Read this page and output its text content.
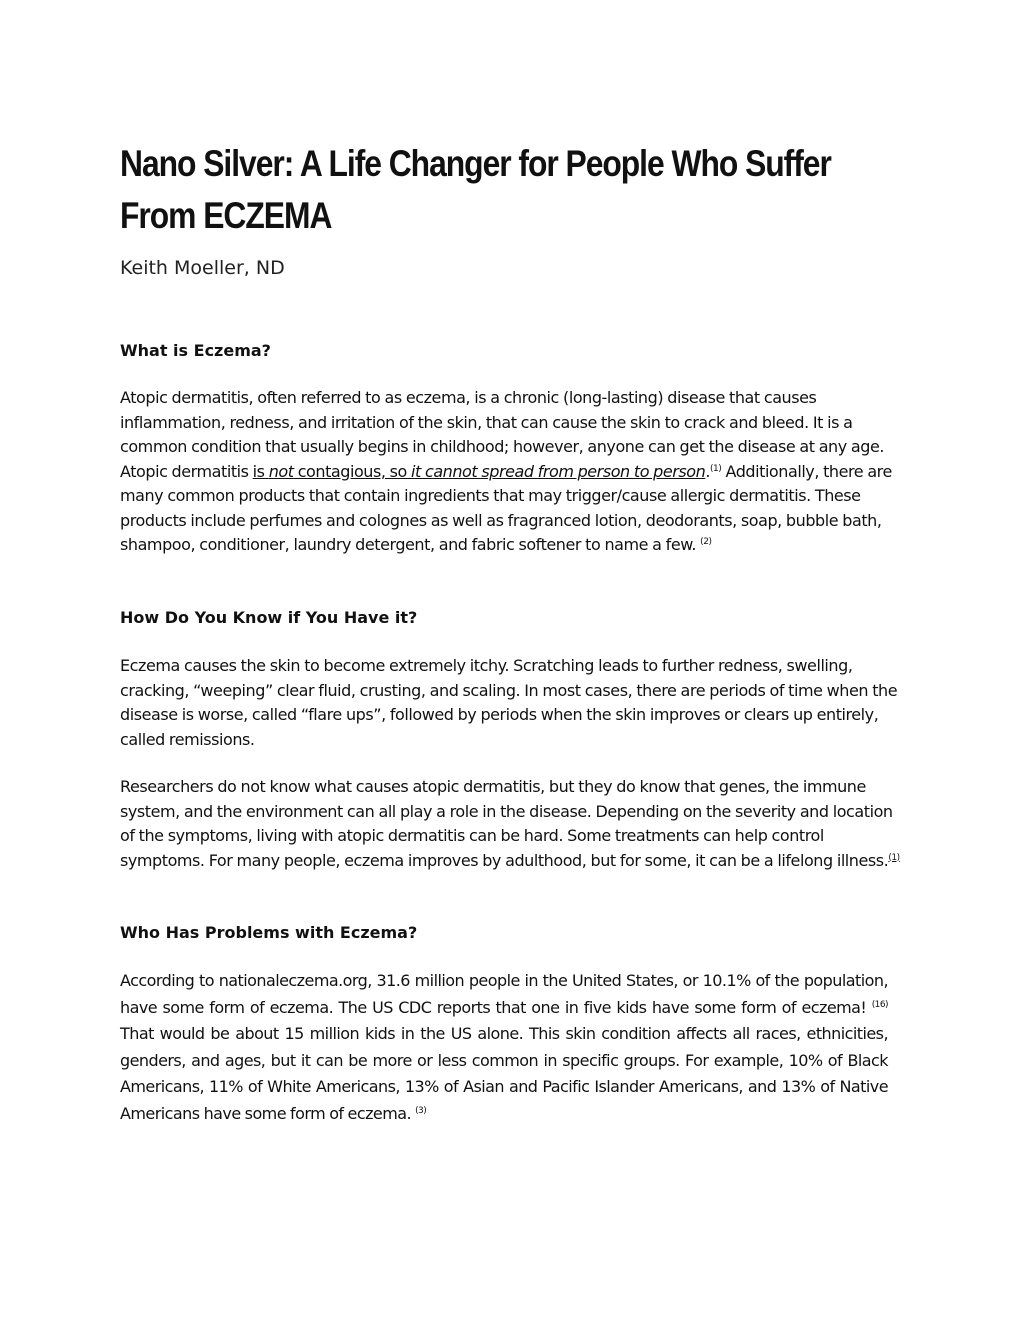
Nano Silver: A Life Changer for People Who Suffer From ECZEMA

Keith Moeller, ND

What is Eczema?

Atopic dermatitis, often referred to as eczema, is a chronic (long-lasting) disease that causes inflammation, redness, and irritation of the skin, that can cause the skin to crack and bleed. It is a common condition that usually begins in childhood; however, anyone can get the disease at any age. Atopic dermatitis is not contagious, so it cannot spread from person to person.$^{(1)}$ Additionally, there are many common products that contain ingredients that may trigger/cause allergic dermatitis. These products include perfumes and colognes as well as fragranced lotion, deodorants, soap, bubble bath, shampoo, conditioner, laundry detergent, and fabric softener to name a few. $^{(2)}$

How Do You Know if You Have it?

Eczema causes the skin to become extremely itchy. Scratching leads to further redness, swelling, cracking, “weeping” clear fluid, crusting, and scaling. In most cases, there are periods of time when the disease is worse, called “flare ups”, followed by periods when the skin improves or clears up entirely, called remissions.

Researchers do not know what causes atopic dermatitis, but they do know that genes, the immune system, and the environment can all play a role in the disease. Depending on the severity and location of the symptoms, living with atopic dermatitis can be hard. Some treatments can help control symptoms. For many people, eczema improves by adulthood, but for some, it can be a lifelong illness.$^{(1)}$

Who Has Problems with Eczema?

According to nationaleczema.org, 31.6 million people in the United States, or 10.1% of the population, have some form of eczema. The US CDC reports that one in five kids have some form of eczema! $^{(16)}$ That would be about 15 million kids in the US alone. This skin condition affects all races, ethnicities, genders, and ages, but it can be more or less common in specific groups. For example, 10% of Black Americans, 11% of White Americans, 13% of Asian and Pacific Islander Americans, and 13% of Native Americans have some form of eczema. $^{(3)}$
